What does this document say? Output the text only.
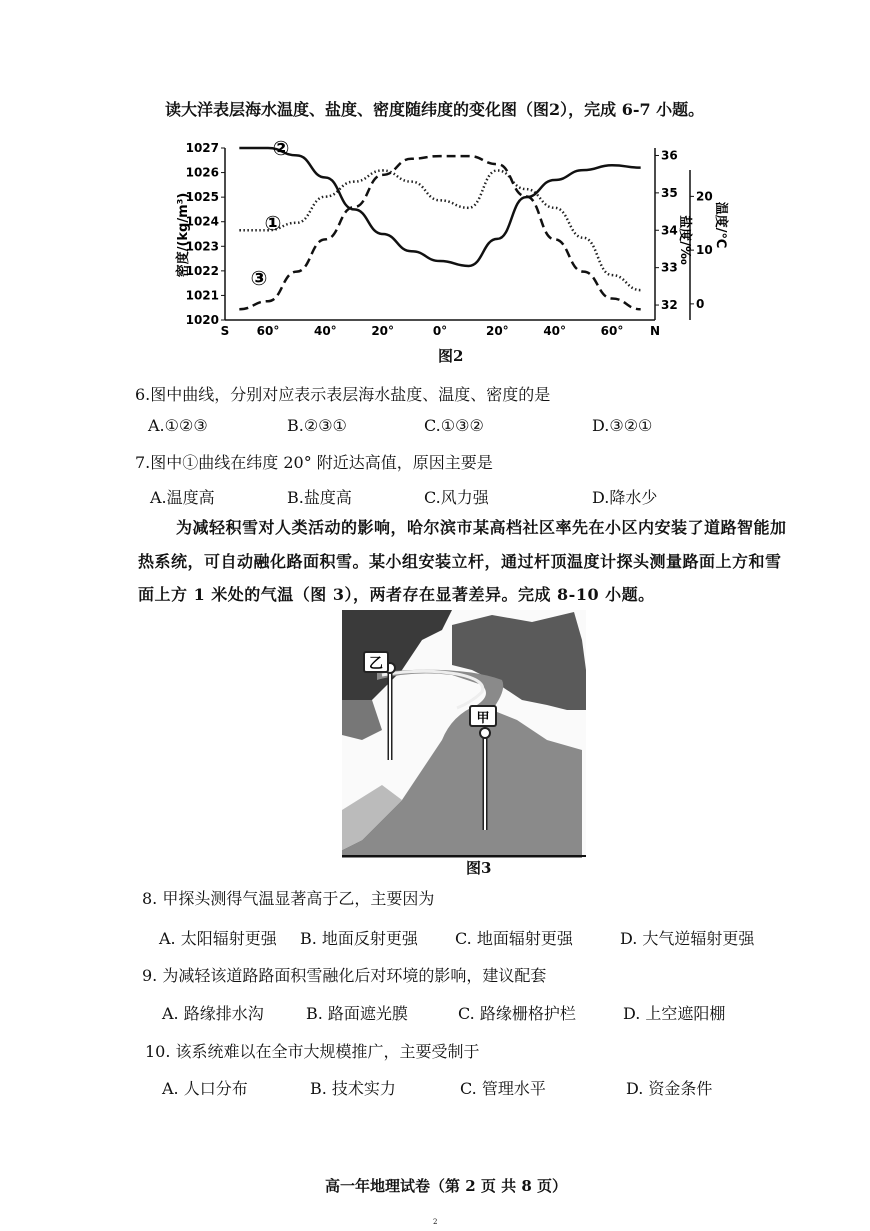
读大洋表层海水温度、盐度、密度随纬度的变化图（图2），完成 6-7 小题。
密度/(kg/m³)	盐度/‰ 温度/℃
1027
1026
1025
1024
1023
1022
1021
1020
36
35
34
33
32
20
10
0
S 60°	40°	20°	0°	20°	40°	60° N
②
①
③
图2
6.图中曲线，分别对应表示表层海水盐度、温度、密度的是
A.①②③	B.②③①	C.①③②	D.③②①
7.图中①曲线在纬度 20° 附近达高值，原因主要是
A.温度高	B.盐度高	C.风力强	D.降水少
为减轻积雪对人类活动的影响，哈尔滨市某高档社区率先在小区内安装了道路智能加
热系统，可自动融化路面积雪。某小组安装立杆，通过杆顶温度计探头测量路面上方和雪
面上方 1 米处的气温（图 3），两者存在显著差异。完成 8-10 小题。
乙
甲
图3
8. 甲探头测得气温显著高于乙，主要因为
A. 太阳辐射更强 B. 地面反射更强 C. 地面辐射更强	D. 大气逆辐射更强
9. 为减轻该道路路面积雪融化后对环境的影响，建议配套
A. 路缘排水沟	B. 路面遮光膜	C. 路缘栅格护栏	D. 上空遮阳棚
10. 该系统难以在全市大规模推广，主要受制于
A. 人口分布	B. 技术实力	C. 管理水平	D. 资金条件
高一年地理试卷（第 2 页 共 8 页）
2
